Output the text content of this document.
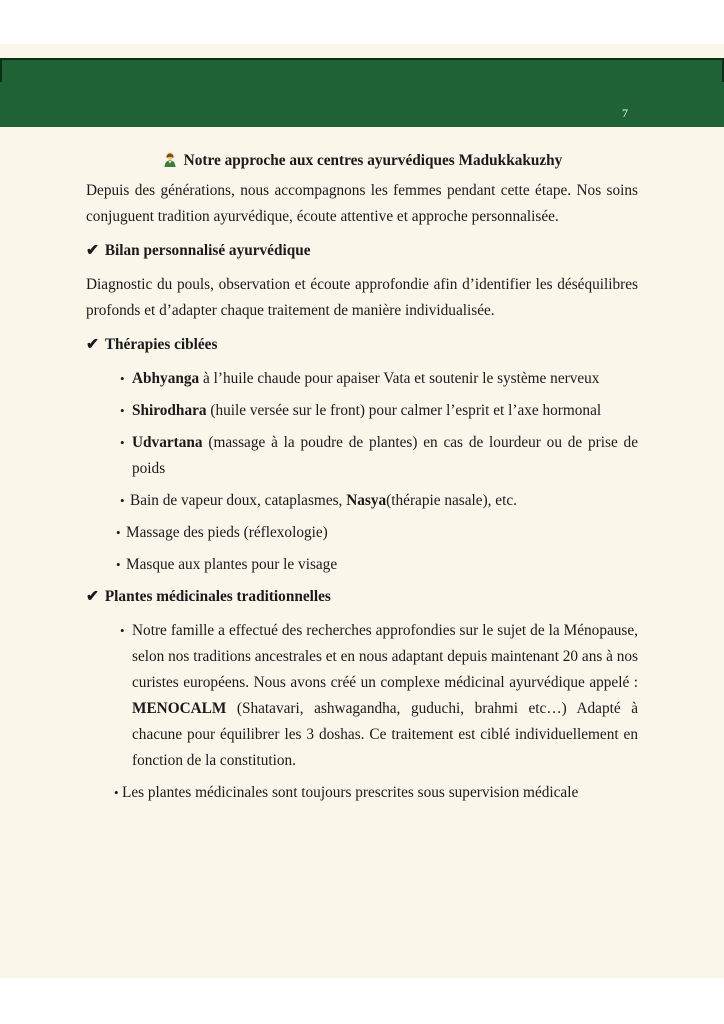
7
Notre approche aux centres ayurvédiques Madukkakuzhy

Depuis des générations, nous accompagnons les femmes pendant cette étape. Nos soins conjuguent tradition ayurvédique, écoute attentive et approche personnalisée.

✔ Bilan personnalisé ayurvédique

Diagnostic du pouls, observation et écoute approfondie afin d’identifier les déséquilibres profonds et d’adapter chaque traitement de manière individualisée.

✔ Thérapies ciblées
• Abhyanga à l’huile chaude pour apaiser Vata et soutenir le système nerveux
• Shirodhara (huile versée sur le front) pour calmer l’esprit et l’axe hormonal
• Udvartana (massage à la poudre de plantes) en cas de lourdeur ou de prise de poids
• Bain de vapeur doux, cataplasmes, Nasya(thérapie nasale), etc.
• Massage des pieds (réflexologie)
• Masque aux plantes pour le visage
✔ Plantes médicinales traditionnelles
• Notre famille a effectué des recherches approfondies sur le sujet de la Ménopause, selon nos traditions ancestrales et en nous adaptant depuis maintenant 20 ans à nos curistes européens. Nous avons créé un complexe médicinal ayurvédique appelé : MENOCALM (Shatavari, ashwagandha, guduchi, brahmi etc…) Adapté à chacune pour équilibrer les 3 doshas. Ce traitement est ciblé individuellement en fonction de la constitution.
• Les plantes médicinales sont toujours prescrites sous supervision médicale
